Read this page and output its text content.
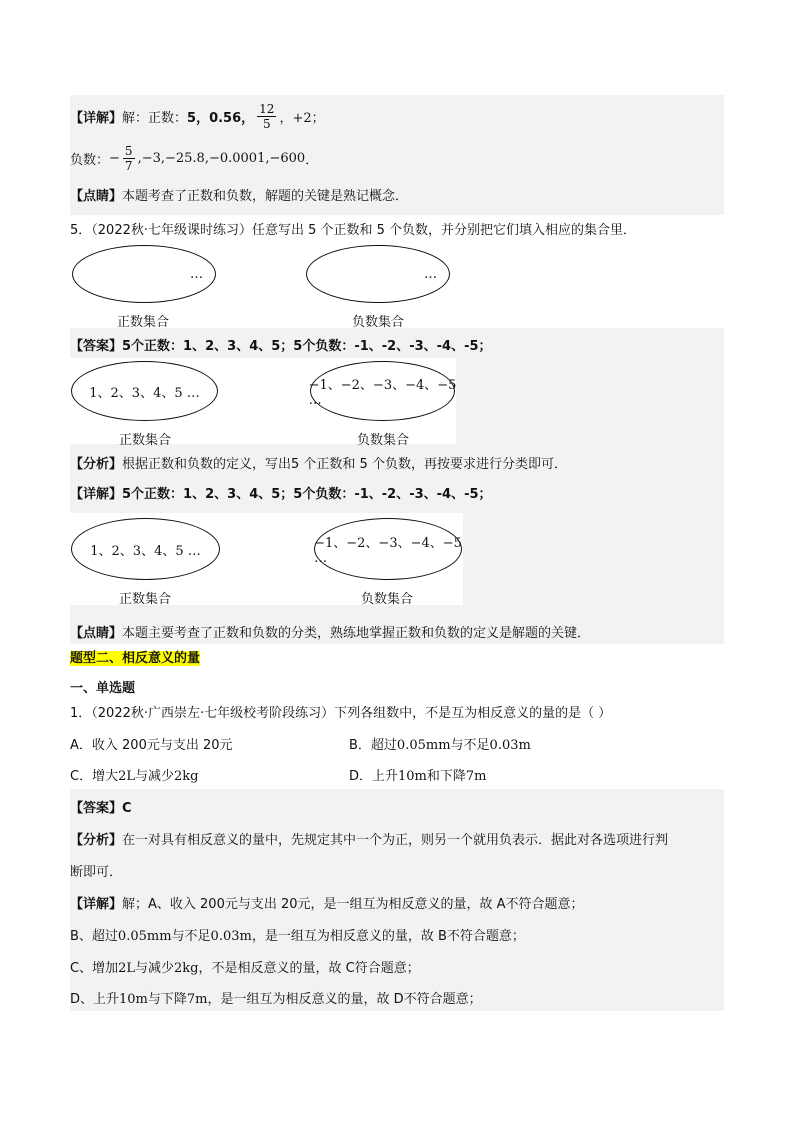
【详解】 解：正数： 5，0.56， $\frac{12}{5}$ ，+2；
负数： − $\frac{5}{7} ,-3,-25.8,-0.0001,-600$ ．
【点睛】本题考查了正数和负数，解题的关键是熟记概念．
5．（2022秋·七年级课时练习）任意写出 5 个正数和 5 个负数，并分别把它们填入相应的集合里．
…	…
正数集合	负数集合
【答案】5个正数：1、2、3、4、5；5个负数：-1、-2、-3、-4、-5；
1、2、3、4、5 …	−1、−2、−3、−4、−5 …
正数集合	负数集合
【分析】根据正数和负数的定义，写出5 个正数和 5 个负数，再按要求进行分类即可．
【详解】5个正数：1、2、3、4、5；5个负数：-1、-2、-3、-4、-5；
1、2、3、4、5 …	−1、−2、−3、−4、−5 …
正数集合	负数集合
【点睛】本题主要考查了正数和负数的分类，熟练地掌握正数和负数的定义是解题的关键．
题型二、相反意义的量
一、单选题
1．（2022秋·广西崇左·七年级校考阶段练习）下列各组数中，不是互为相反意义的量的是（ ）
A．收入 200元与支出 20元	B．超过0.05mm与不足0.03m
C．增大2L与减少2kg	D．上升10m和下降7m
【答案】C
【分析】在一对具有相反意义的量中，先规定其中一个为正，则另一个就用负表示．据此对各选项进行判
断即可．
【详解】解；A、收入 200元与支出 20元，是一组互为相反意义的量，故 A不符合题意；
B、超过0.05mm与不足0.03m，是一组互为相反意义的量，故 B不符合题意；
C、增加2L与减少2kg，不是相反意义的量，故 C符合题意；
D、上升10m与下降7m，是一组互为相反意义的量，故 D不符合题意；
